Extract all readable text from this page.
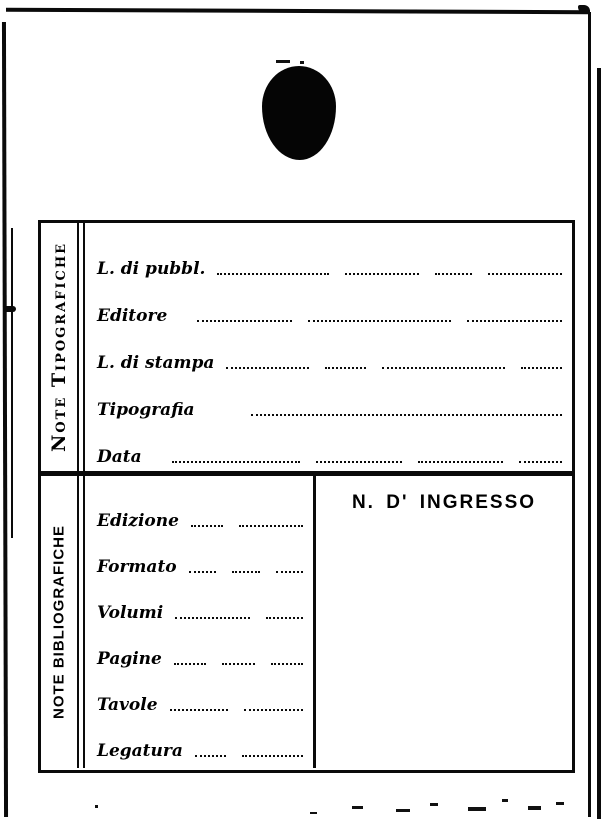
Note Tipografiche L. di pubbl.
Editore
L. di stampa
Tipografia
Data
NOTE BIBLIOGRAFICHE
Edizione
Formato
Volumi
Pagine
Tavole
Legatura
N. D' INGRESSO
